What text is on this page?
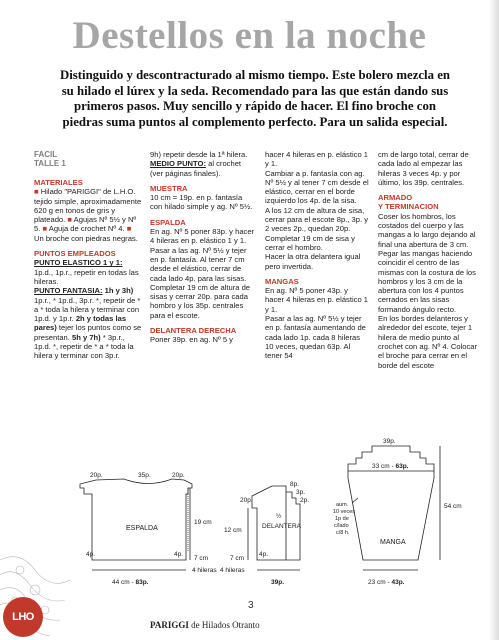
Destellos en la noche
Distinguido y descontracturado al mismo tiempo. Este bolero mezcla en
su hilado el lúrex y la seda. Recomendado para las que están dando sus
primeros pasos. Muy sencillo y rápido de hacer. El fino broche con
piedras suma puntos al complemento perfecto. Para un salida especial.

FACIL

TALLE 1

MATERIALES

■ Hilado "PARIGGI" de L.H.O. tejido simple, aproximadamente 620 g en tonos de gris y plateado. ■ Agujas Nº 5½ y Nº 5. ■ Aguja de crochet Nº 4. ■ Un broche con piedras negras.

PUNTOS EMPLEADOS

PUNTO ELASTICO 1 y 1: 1p.d., 1p.r., repetir en todas las hileras.

PUNTO FANTASIA: 1h y 3h) 1p.r., * 1p.d., 3p.r. *, repetir de * a * toda la hilera y terminar con 1p.d. y 1p.r. 2h y todas las pares) tejer los puntos como se presentan. 5h y 7h) * 3p.r., 1p.d. *, repetir de * a * toda la hilera y terminar con 3p.r.

9h) repetir desde la 1ª hilera.

MEDIO PUNTO: al crochet (ver páginas finales).

MUESTRA

10 cm = 19p. en p. fantasía con hilado simple y ag. Nº 5½.

ESPALDA

En ag. Nº 5 poner 83p. y hacer 4 hileras en p. elástico 1 y 1.

Pasar a las ag. Nº 5½ y tejer en p. fantasía. Al tener 7 cm desde el elástico, cerrar de cada lado 4p. para las sisas.

Completar 19 cm de altura de sisas y cerrar 20p. para cada hombro y los 35p. centrales para el escote.

DELANTERA DERECHA

Poner 39p. en ag. Nº 5 y

hacer 4 hileras en p. elástico 1 y 1.

Cambiar a p. fantasía con ag. Nº 5½ y al tener 7 cm desde el elástico, cerrar en el borde izquierdo los 4p. de la sisa.

A los 12 cm de altura de sisa, cerrar para el escote 8p., 3p. y 2 veces 2p., quedan 20p.

Completar 19 cm de sisa y cerrar el hombro.

Hacer la otra delantera igual pero invertida.

MANGAS

En ag. Nº 5 poner 43p. y hacer 4 hileras en p. elástico 1 y 1.

Pasar a las ag. Nº 5½ y tejer en p. fantasía aumentando de cada lado 1p. cada 8 hileras 10 veces, quedan 63p. Al tener 54

cm de largo total, cerrar de cada lado al empezar las hileras 3 veces 4p. y por último, los 39p. centrales.

ARMADO

Y TERMINACION

Coser los hombros, los costados del cuerpo y las mangas a lo largo dejando al final una abertura de 3 cm.

Pegar las mangas haciendo coincidir el centro de las mismas con la costura de los hombros y los 3 cm de la abertura con los 4 puntos cerrados en las sisas formando ángulo recto.

En los bordes delanteros y alrededor del escote, tejer 1 hilera de medio punto al crochet con ag. Nº 4. Colocar el broche para cerrar en el borde del escote

ESPALDA
20p.	35p.	20p.
4p.	4p.
19 cm
7 cm
4 hileras
44 cm - 83p.
DELANTERA
½
8p.
3p.
2p.
20p.
4p.
12 cm
7 cm
4 hileras
39p.
MANGA
39p.
33 cm - 63p.
aum.
10 veces
1p de
c/lado
c/8 h.
54 cm
23 cm - 43p.
LHO
3
PARIGGI de Hilados Otranto
